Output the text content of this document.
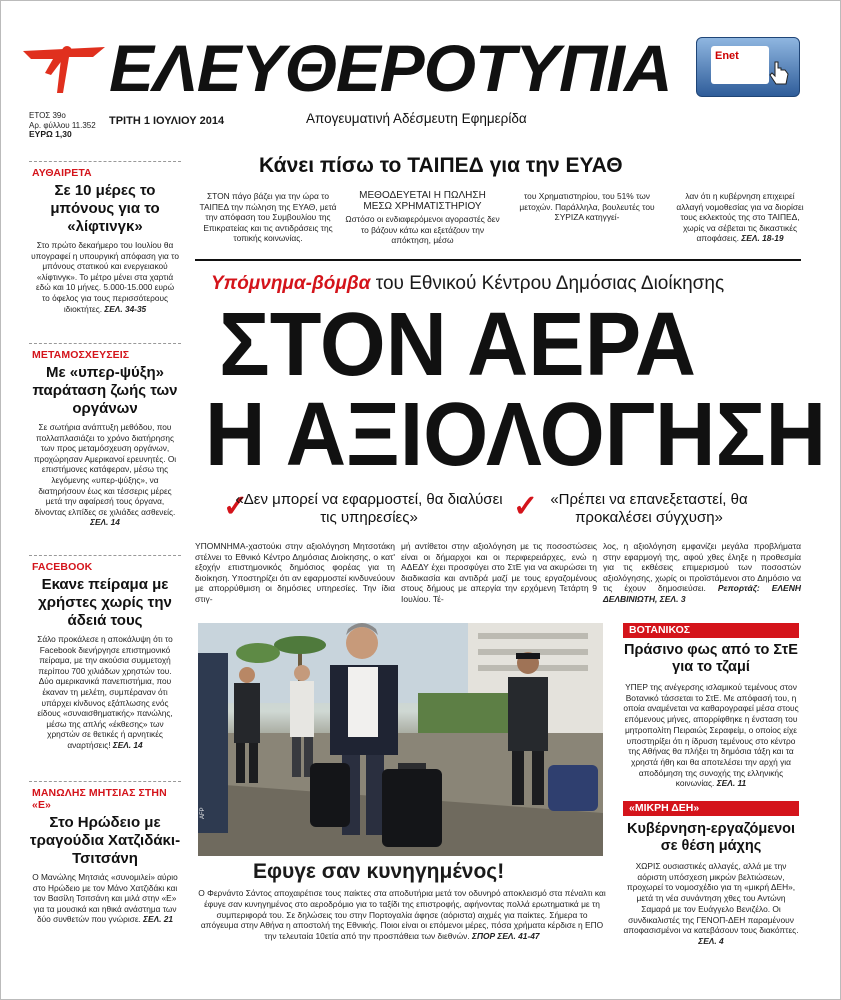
ΕΛΕΥΘΕΡΟΤΥΠΙΑ	Enet
ΕΤΟΣ 39ο
Αρ. φύλλου 11.352
ΕΥΡΩ 1,30
ΤΡΙΤΗ 1 ΙΟΥΛΙΟΥ 2014	Απογευματινή Αδέσμευτη Εφημερίδα
ΑΥΘΑΙΡΕΤΑ
Σε 10 μέρες το μπόνους για το «λίφτινγκ»
Στο πρώτο δεκαήμερο του Ιουλίου θα υπογραφεί η υπουργική απόφαση για το μπόνους στατικού και ενεργειακού «λίφτινγκ». Το μέτρο μένει στα χαρτιά εδώ και 10 μήνες. 5.000-15.000 ευρώ το όφελος για τους περισσότερους ιδιοκτήτες. ΣΕΛ. 34-35
ΜΕΤΑΜΟΣΧΕΥΣΕΙΣ
Με «υπερ-ψύξη» παράταση ζωής των οργάνων
Σε σωτήρια ανάπτυξη μεθόδου, που πολλαπλασιάζει το χρόνο διατήρησης των προς μεταμόσχευση οργάνων, προχώρησαν Αμερικανοί ερευνητές. Οι επιστήμονες κατάφεραν, μέσω της λεγόμενης «υπερ-ψύξης», να διατηρήσουν έως και τέσσερις μέρες μετά την αφαίρεσή τους όργανα, δίνοντας ελπίδες σε χιλιάδες ασθενείς. ΣΕΛ. 14
FACEBOOK
Εκανε πείραμα με χρήστες χωρίς την άδειά τους
Σάλο προκάλεσε η αποκάλυψη ότι το Facebook διενήργησε επιστημονικό πείραμα, με την ακούσια συμμετοχή περίπου 700 χιλιάδων χρηστών του. Δύο αμερικανικά πανεπιστήμια, που έκαναν τη μελέτη, συμπέραναν ότι υπάρχει κίνδυνος εξάπλωσης ενός είδους «συναισθηματικής» πανώλης, μέσω της απλής «έκθεσης» των χρηστών σε θετικές ή αρνητικές αναρτήσεις! ΣΕΛ. 14
ΜΑΝΩΛΗΣ ΜΗΤΣΙΑΣ ΣΤΗΝ «Ε»
Στο Ηρώδειο με τραγούδια Χατζιδάκι-Τσιτσάνη
Ο Μανώλης Μητσιάς «συνομιλεί» αύριο στο Ηρώδειο με τον Μάνο Χατζιδάκι και τον Βασίλη Τσιτσάνη και μιλά στην «Ε» για τα μουσικά και ηθικά ανάστημα των δύο συνθετών που γνώρισε. ΣΕΛ. 21
Κάνει πίσω το ΤΑΙΠΕΔ για την ΕΥΑΘ
ΣΤΟΝ πάγο βάζει για την ώρα το ΤΑΙΠΕΔ την πώληση της ΕΥΑΘ, μετά την απόφαση του Συμβουλίου της Επικρατείας και τις αντιδράσεις της τοπικής κοινωνίας.
ΜΕΘΟΔΕΥΕΤΑΙ Η ΠΩΛΗΣΗ ΜΕΣΩ ΧΡΗΜΑΤΙΣΤΗΡΙΟΥ
Ωστόσο οι ενδιαφερόμενοι αγοραστές δεν το βάζουν κάτω και εξετάζουν την απόκτηση, μέσω
του Χρηματιστηρίου, του 51% των μετοχών. Παράλληλα, βουλευτές του ΣΥΡΙΖΑ κατηγγεί-
λαν ότι η κυβέρνηση επιχειρεί αλλαγή νομοθεσίας για να διορίσει τους εκλεκτούς της στο ΤΑΙΠΕΔ, χωρίς να σέβεται τις δικαστικές αποφάσεις. ΣΕΛ. 18-19
Υπόμνημα-βόμβα του Εθνικού Κέντρου Δημόσιας Διοίκησης
ΣΤΟΝ ΑΕΡΑ
Η ΑΞΙΟΛΟΓΗΣΗ
✓
«Δεν μπορεί να εφαρμοστεί, θα διαλύσει τις υπηρεσίες»	✓ «Πρέπει να επανεξεταστεί, θα προκαλέσει σύγχυση»
ΥΠΟΜΝΗΜΑ-χαστούκι στην αξιολόγηση Μητσοτάκη στέλνει το Εθνικό Κέντρο Δημόσιας Διοίκησης, ο κατ' εξοχήν επιστημονικός δημόσιος φορέας για τη διοίκηση. Υποστηρίζει ότι αν εφαρμοστεί κινδυνεύουν με απορρύθμιση οι δημόσιες υπηρεσίες. Την ίδια στιγ-
μή αντίθετοι στην αξιολόγηση με τις ποσοστώσεις είναι οι δήμαρχοι και οι περιφερειάρχες, ενώ η ΑΔΕΔΥ έχει προσφύγει στο ΣτΕ για να ακυρώσει τη διαδικασία και αντιδρά μαζί με τους εργαζομένους στους δήμους με απεργία την ερχόμενη Τετάρτη 9 Ιουλίου. Τέ-
λος, η αξιολόγηση εμφανίζει μεγάλα προβλήματα στην εφαρμογή της, αφού χθες έληξε η προθεσμία για τις εκθέσεις επιμερισμού των ποσοστών αξιολόγησης, χωρίς οι προϊστάμενοι στο Δημόσιο να τις έχουν δημοσιεύσει. Ρεπορτάζ: ΕΛΕΝΗ ΔΕΛΒΙΝΙΩΤΗ, ΣΕΛ. 3
AFP
Εφυγε σαν κυνηγημένος!
Ο Φερνάντο Σάντος αποχαιρέτισε τους παίκτες στα αποδυτήρια μετά τον οδυνηρό αποκλεισμό στα πέναλτι και έφυγε σαν κυνηγημένος στο αεροδρόμιο για το ταξίδι της επιστροφής, αφήνοντας πολλά ερωτηματικά με τη συμπεριφορά του. Σε δηλώσεις του στην Πορτογαλία άφησε (αόριστα) αιχμές για παίκτες. Σήμερα το απόγευμα στην Αθήνα η αποστολή της Εθνικής. Ποιοι είναι οι επόμενοι μέρες, πόσα χρήματα κέρδισε η ΕΠΟ την τελευταία 10ετία από την προσπάθεια των διεθνών. ΣΠΟΡ ΣΕΛ. 41-47
ΒΟΤΑΝΙΚΟΣ
Πράσινο φως από το ΣτΕ για το τζαμί
ΥΠΕΡ της ανέγερσης ισλαμικού τεμένους στον Βοτανικό τάσσεται το ΣτΕ. Με απόφασή του, η οποία αναμένεται να καθαρογραφεί μέσα στους επόμενους μήνες, απορρίφθηκε η ένσταση του μητροπολίτη Πειραιώς Σεραφείμ, ο οποίος είχε υποστηρίξει ότι η ίδρυση τεμένους στο κέντρο της Αθήνας θα πλήξει τη δημόσια τάξη και τα χρηστά ήθη και θα αποτελέσει την αρχή για αποδόμηση της συνοχής της ελληνικής κοινωνίας. ΣΕΛ. 11
«ΜΙΚΡΗ ΔΕΗ»
Κυβέρνηση-εργαζόμενοι σε θέση μάχης
ΧΩΡΙΣ ουσιαστικές αλλαγές, αλλά με την αόριστη υπόσχεση μικρών βελτιώσεων, προχωρεί το νομοσχέδιο για τη «μικρή ΔΕΗ», μετά τη νέα συνάντηση χθες του Αντώνη Σαμαρά με τον Ευάγγελο Βενιζέλο. Οι συνδικαλιστές της ΓΕΝΟΠ-ΔΕΗ παραμένουν αποφασισμένοι να κατεβάσουν τους διακόπτες. ΣΕΛ. 4
